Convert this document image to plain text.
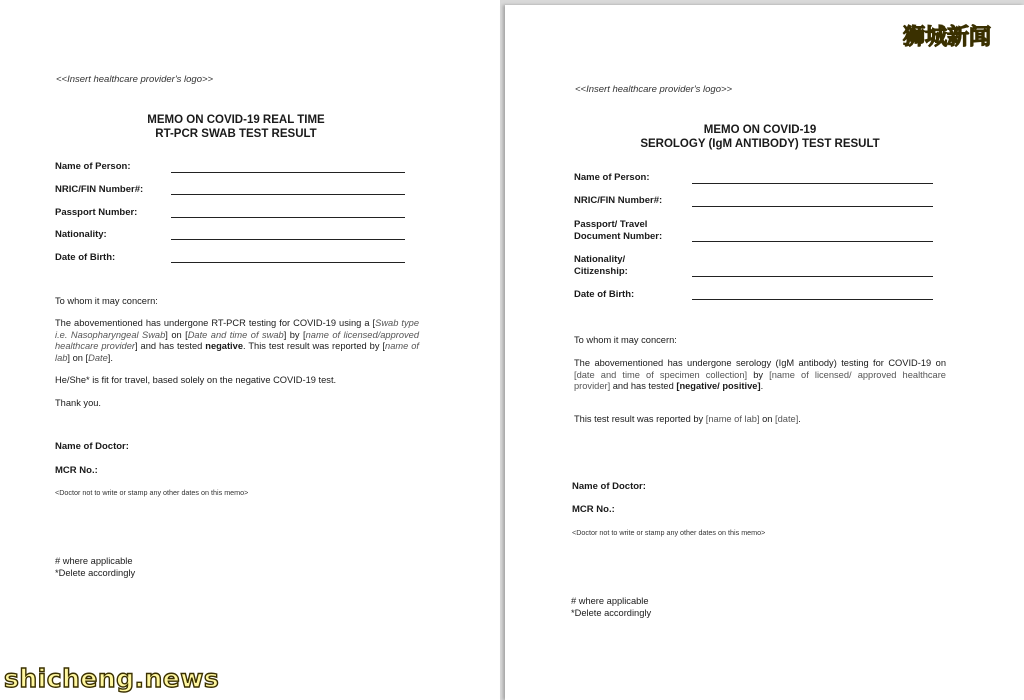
<<Insert healthcare provider's logo>>
MEMO ON COVID-19 REAL TIME
RT-PCR SWAB TEST RESULT
Name of Person:
NRIC/FIN Number#:
Passport Number:
Nationality:
Date of Birth:
To whom it may concern:
The abovementioned has undergone RT-PCR testing for COVID-19 using a [Swab type i.e. Nasopharyngeal Swab] on [Date and time of swab] by [name of licensed/approved healthcare provider] and has tested negative. This test result was reported by [name of lab] on [Date].
He/She* is fit for travel, based solely on the negative COVID-19 test.
Thank you.
Name of Doctor:
MCR No.:
<Doctor not to write or stamp any other dates on this memo>
# where applicable
*Delete accordingly
<<Insert healthcare provider's logo>>
MEMO ON COVID-19
SEROLOGY (IgM ANTIBODY) TEST RESULT
Name of Person:
NRIC/FIN Number#:
Passport/ Travel Document Number:
Nationality/ Citizenship:
Date of Birth:
To whom it may concern:
The abovementioned has undergone serology (IgM antibody) testing for COVID-19 on [date and time of specimen collection] by [name of licensed/ approved healthcare provider] and has tested [negative/ positive].
This test result was reported by [name of lab] on [date].
Name of Doctor:
MCR No.:
<Doctor not to write or stamp any other dates on this memo>
# where applicable
*Delete accordingly
狮城新闻
shicheng.news
